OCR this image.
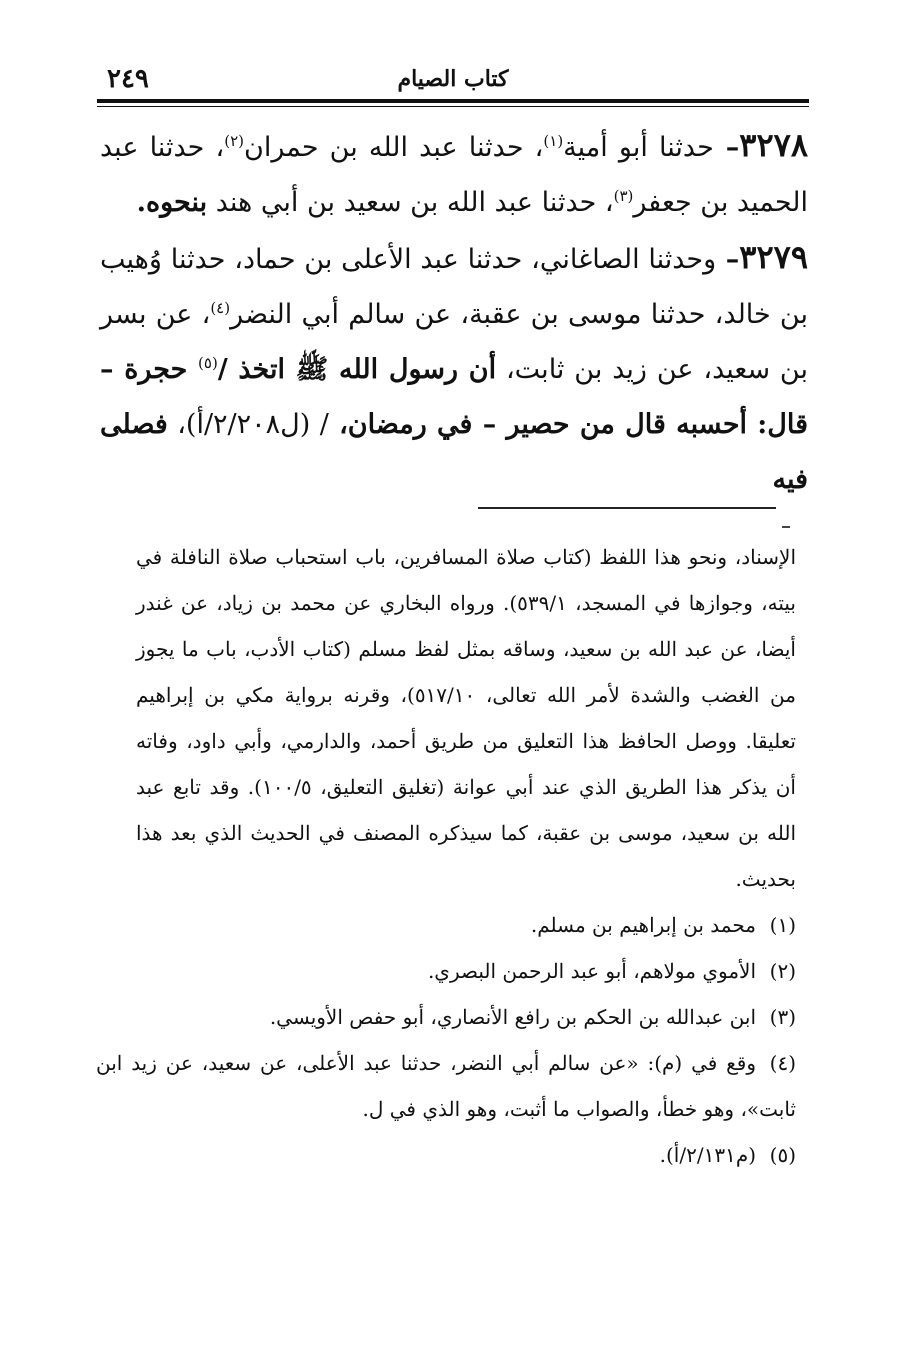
كتاب الصيام
٢٤٩

٣٢٧٨– حدثنا أبو أمية$^{(١)}$، حدثنا عبد الله بن حمران$^{(٢)}$، حدثنا عبد الحميد بن جعفر$^{(٣)}$، حدثنا عبد الله بن سعيد بن أبي هند بنحوه.

٣٢٧٩– وحدثنا الصاغاني، حدثنا عبد الأعلى بن حماد، حدثنا وُهيب بن خالد، حدثنا موسى بن عقبة، عن سالم أبي النضر$^{(٤)}$، عن بسر بن سعيد، عن زيد بن ثابت، أن رسول الله ﷺ اتخذ /$^{(٥)}$ حجرة – قال: أحسبه قال من حصير – في رمضان، / (ل٢/٢٠٨/أ)، فصلى فيه

الإسناد، ونحو هذا اللفظ (كتاب صلاة المسافرين، باب استحباب صلاة النافلة في بيته، وجوازها في المسجد، ٥٣٩/١). ورواه البخاري عن محمد بن زياد، عن غندر أيضا، عن عبد الله بن سعيد، وساقه بمثل لفظ مسلم (كتاب الأدب، باب ما يجوز من الغضب والشدة لأمر الله تعالى، ٥١٧/١٠)، وقرنه برواية مكي بن إبراهيم تعليقا. ووصل الحافظ هذا التعليق من طريق أحمد، والدارمي، وأبي داود، وفاته أن يذكر هذا الطريق الذي عند أبي عوانة (تغليق التعليق، ١٠٠/٥). وقد تابع عبد الله بن سعيد، موسى بن عقبة، كما سيذكره المصنف في الحديث الذي بعد هذا بحديث.

(١)محمد بن إبراهيم بن مسلم.

(٢)الأموي مولاهم، أبو عبد الرحمن البصري.

(٣)ابن عبدالله بن الحكم بن رافع الأنصاري، أبو حفص الأويسي.

(٤)وقع في (م): «عن سالم أبي النضر، حدثنا عبد الأعلى، عن سعيد، عن زيد ابن ثابت»، وهو خطأ، والصواب ما أثبت، وهو الذي في ل.

(٥)(م٢/١٣١/أ).
